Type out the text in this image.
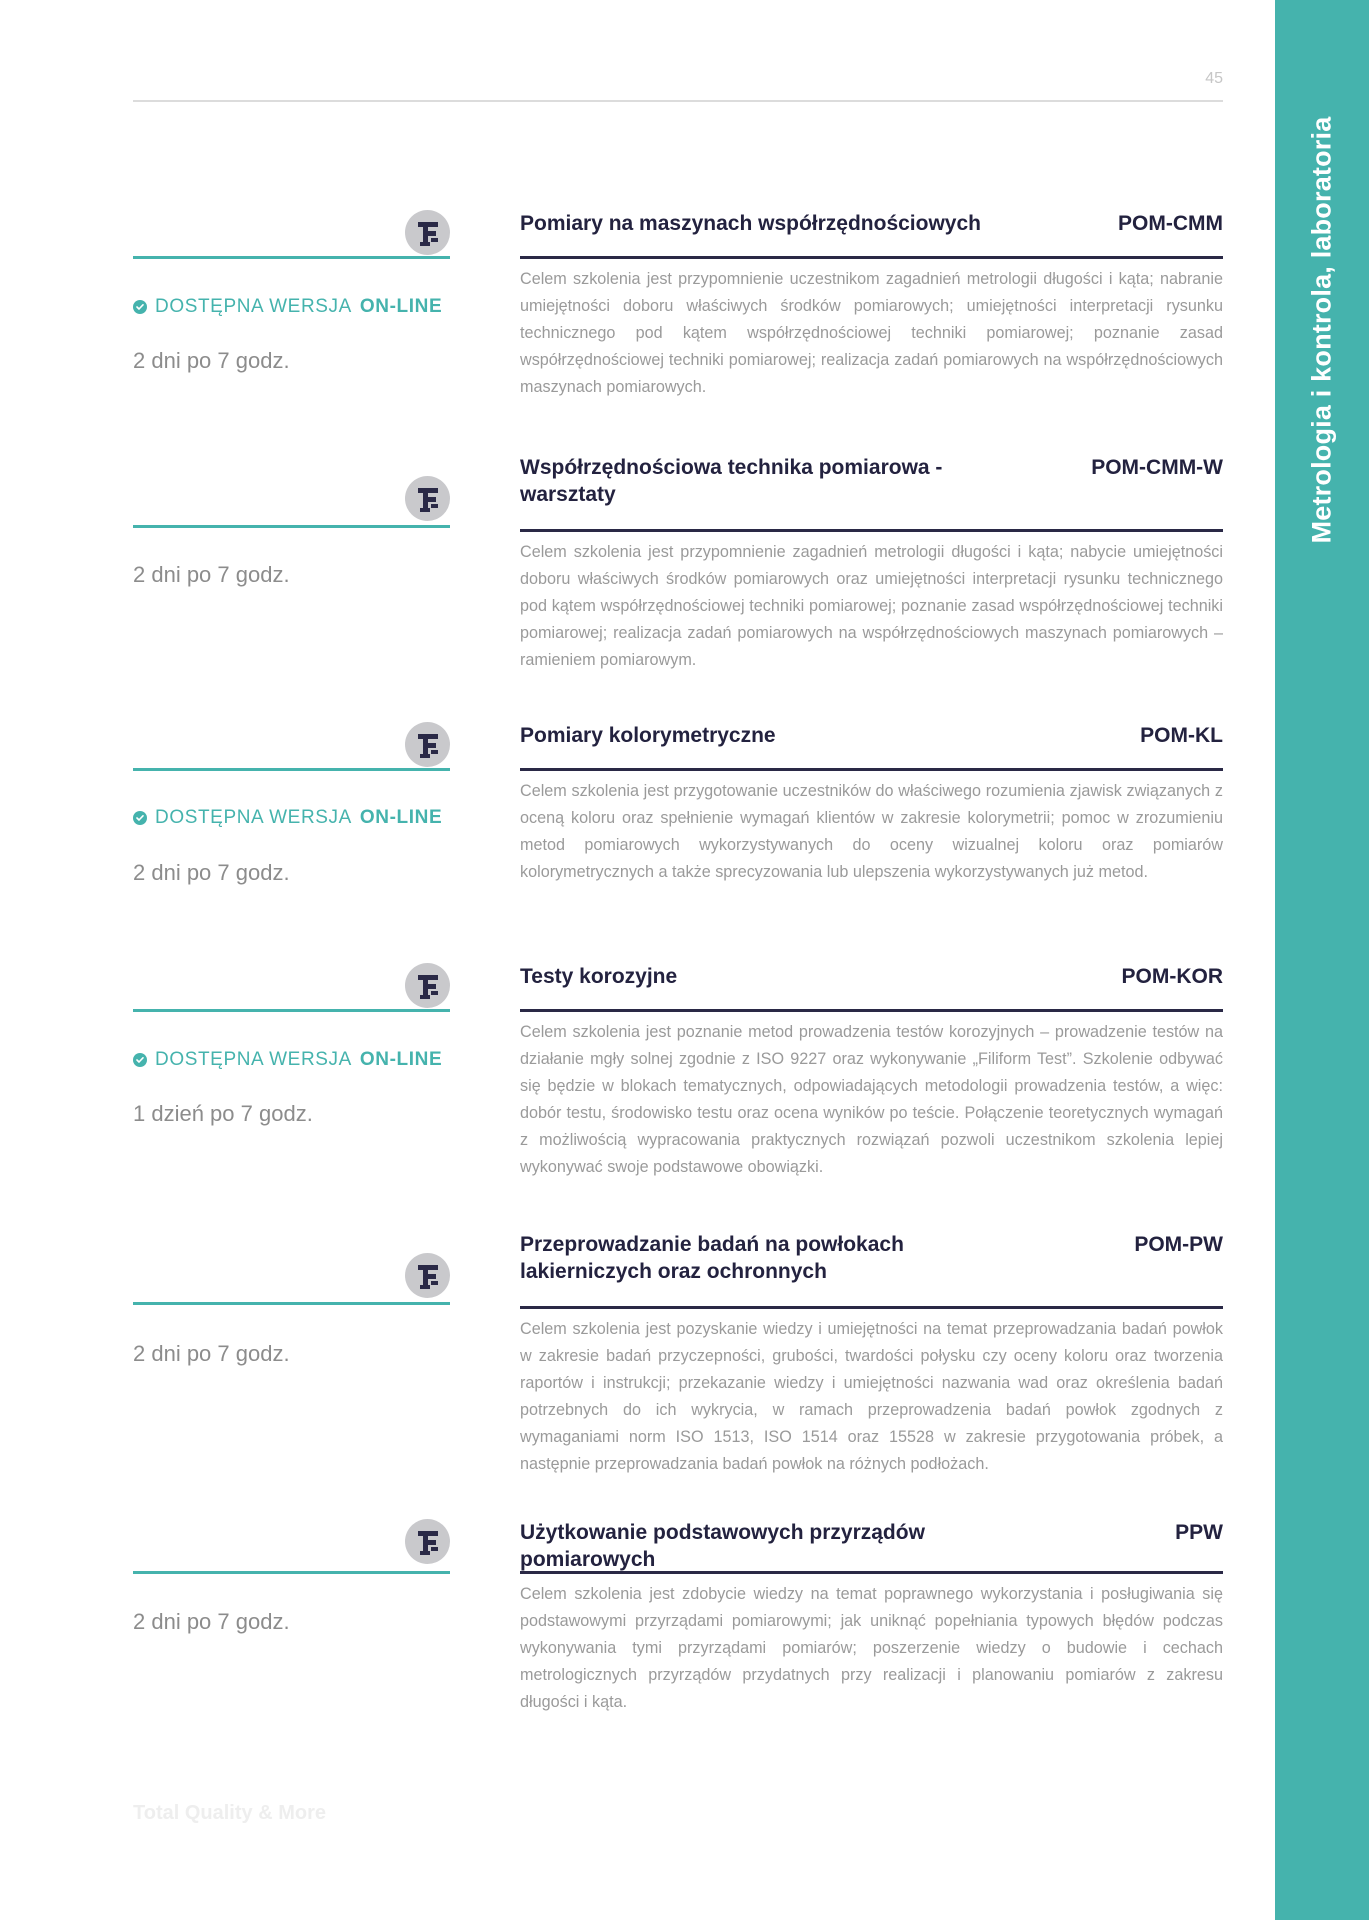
Metrologia i kontrola, laboratoria
45
DOSTĘPNA WERSJA ON-LINE
2 dni po 7 godz.
Pomiary na maszynach współrzędnościowych	POM-CMM
Celem szkolenia jest przypomnienie uczestnikom zagadnień metrologii długości i kąta; nabranie umiejętności doboru właściwych środków pomiarowych; umiejętności interpretacji rysunku technicznego pod kątem współrzędnościowej techniki pomiarowej; poznanie zasad współrzędnościowej techniki pomiarowej; realizacja zadań pomiarowych na współrzędnościowych maszynach pomiarowych.
2 dni po 7 godz.
Współrzędnościowa technika pomiarowa - warsztaty
POM-CMM-W
Celem szkolenia jest przypomnienie zagadnień metrologii długości i kąta; nabycie umiejętności doboru właściwych środków pomiarowych oraz umiejętności interpretacji rysunku technicznego pod kątem współrzędnościowej techniki pomiarowej; poznanie zasad współrzędnościowej techniki pomiarowej; realizacja zadań pomiarowych na współrzędnościowych maszynach pomiarowych – ramieniem pomiarowym.
DOSTĘPNA WERSJA ON-LINE
2 dni po 7 godz.
Pomiary kolorymetryczne	POM-KL
Celem szkolenia jest przygotowanie uczestników do właściwego rozumienia zjawisk związanych z oceną koloru oraz spełnienie wymagań klientów w zakresie kolorymetrii; pomoc w zrozumieniu metod pomiarowych wykorzystywanych do oceny wizualnej koloru oraz pomiarów kolorymetrycznych a także sprecyzowania lub ulepszenia wykorzystywanych już metod.
DOSTĘPNA WERSJA ON-LINE
1 dzień po 7 godz.
Testy korozyjne	POM-KOR
Celem szkolenia jest poznanie metod prowadzenia testów korozyjnych – prowadzenie testów na działanie mgły solnej zgodnie z ISO 9227 oraz wykonywanie „Filiform Test”. Szkolenie odbywać się będzie w blokach tematycznych, odpowiadających metodologii prowadzenia testów, a więc: dobór testu, środowisko testu oraz ocena wyników po teście. Połączenie teoretycznych wymagań z możliwością wypracowania praktycznych rozwiązań pozwoli uczestnikom szkolenia lepiej wykonywać swoje podstawowe obowiązki.
2 dni po 7 godz.
Przeprowadzanie badań na powłokach lakierniczych oraz ochronnych
POM-PW
Celem szkolenia jest pozyskanie wiedzy i umiejętności na temat przeprowadzania badań powłok w zakresie badań przyczepności, grubości, twardości połysku czy oceny koloru oraz tworzenia raportów i instrukcji; przekazanie wiedzy i umiejętności nazwania wad oraz określenia badań potrzebnych do ich wykrycia, w ramach przeprowadzenia badań powłok zgodnych z wymaganiami norm ISO 1513, ISO 1514 oraz 15528 w zakresie przygotowania próbek, a następnie przeprowadzania badań powłok na różnych podłożach.
2 dni po 7 godz.
Użytkowanie podstawowych przyrządów pomiarowych
PPW
Celem szkolenia jest zdobycie wiedzy na temat poprawnego wykorzystania i posługiwania się podstawowymi przyrządami pomiarowymi; jak uniknąć popełniania typowych błędów podczas wykonywania tymi przyrządami pomiarów; poszerzenie wiedzy o budowie i cechach metrologicznych przyrządów przydatnych przy realizacji i planowaniu pomiarów z zakresu długości i kąta.
Total Quality & More
